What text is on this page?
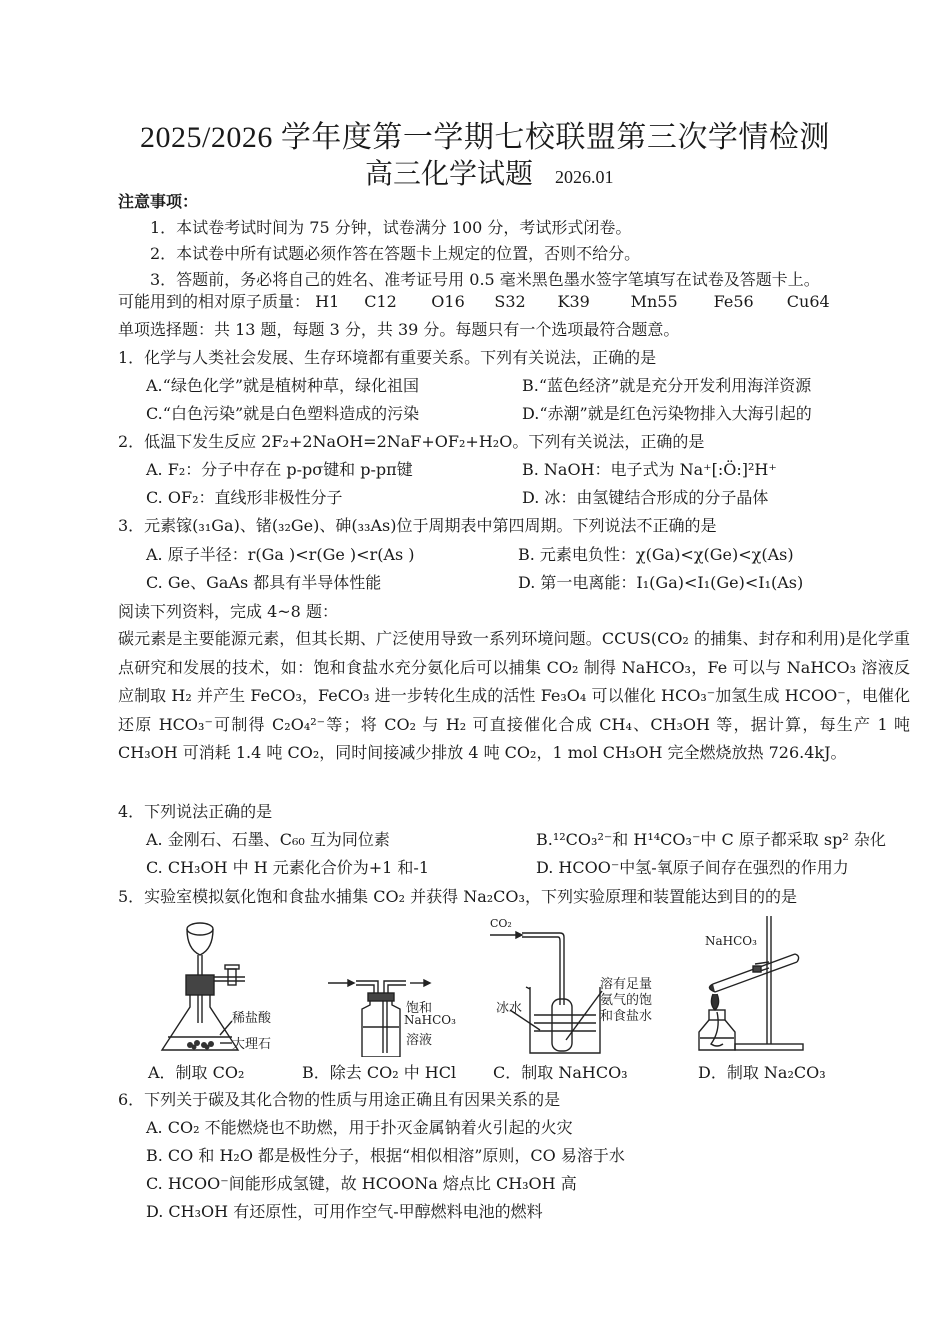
2025/2026 学年度第一学期七校联盟第三次学情检测
高三化学试题 2026.01
注意事项：
1．本试卷考试时间为 75 分钟，试卷满分 100 分，考试形式闭卷。
2．本试卷中所有试题必须作答在答题卡上规定的位置，否则不给分。
3．答题前，务必将自己的姓名、准考证号用 0.5 毫米黑色墨水签字笔填写在试卷及答题卡上。
可能用到的相对原子质量： H1 C12 O16 S32 K39	Mn55 Fe56 Cu64
单项选择题：共 13 题，每题 3 分，共 39 分。每题只有一个选项最符合题意。
1．化学与人类社会发展、生存环境都有重要关系。下列有关说法，正确的是
A.“绿色化学”就是植树种草，绿化祖国	B.“蓝色经济”就是充分开发利用海洋资源
C.“白色污染”就是白色塑料造成的污染	D.“赤潮”就是红色污染物排入大海引起的
2．低温下发生反应 2F₂+2NaOH=2NaF+OF₂+H₂O。下列有关说法，正确的是
A. F₂：分子中存在 p-pσ键和 p-pπ键	B. NaOH：电子式为 Na⁺[:Ö:]²H⁺
C. OF₂：直线形非极性分子	D. 冰：由氢键结合形成的分子晶体
3．元素镓(₃₁Ga)、锗(₃₂Ge)、砷(₃₃As)位于周期表中第四周期。下列说法不正确的是
A. 原子半径：r(Ga )<r(Ge )<r(As )	B. 元素电负性：χ(Ga)<χ(Ge)<χ(As)
C. Ge、GaAs 都具有半导体性能	D. 第一电离能：I₁(Ga)<I₁(Ge)<I₁(As)
阅读下列资料，完成 4~8 题：
碳元素是主要能源元素，但其长期、广泛使用导致一系列环境问题。CCUS(CO₂ 的捕集、封存和利用)是化学重点研究和发展的技术，如：饱和食盐水充分氨化后可以捕集 CO₂ 制得 NaHCO₃，Fe 可以与 NaHCO₃ 溶液反应制取 H₂ 并产生 FeCO₃，FeCO₃ 进一步转化生成的活性 Fe₃O₄ 可以催化 HCO₃⁻加氢生成 HCOO⁻，电催化还原 HCO₃⁻可制得 C₂O₄²⁻等；将 CO₂ 与 H₂ 可直接催化合成 CH₄、CH₃OH 等，据计算，每生产 1 吨 CH₃OH 可消耗 1.4 吨 CO₂，同时间接减少排放 4 吨 CO₂，1 mol CH₃OH 完全燃烧放热 726.4kJ。
4．下列说法正确的是
A. 金刚石、石墨、C₆₀ 互为同位素	B.¹²CO₃²⁻和 H¹⁴CO₃⁻中 C 原子都采取 sp² 杂化
C. CH₃OH 中 H 元素化合价为+1 和-1	D. HCOO⁻中氢-氧原子间存在强烈的作用力
5．实验室模拟氨化饱和食盐水捕集 CO₂ 并获得 Na₂CO₃，下列实验原理和装置能达到目的的是
稀盐酸
大理石
A．制取 CO₂
饱和
NaHCO₃
溶液
B．除去 CO₂ 中 HCl
CO₂
冰水
溶有足量
氨气的饱
和食盐水
C．制取 NaHCO₃
NaHCO₃
D．制取 Na₂CO₃
6．下列关于碳及其化合物的性质与用途正确且有因果关系的是
A. CO₂ 不能燃烧也不助燃，用于扑灭金属钠着火引起的火灾
B. CO 和 H₂O 都是极性分子，根据“相似相溶”原则，CO 易溶于水
C. HCOO⁻间能形成氢键，故 HCOONa 熔点比 CH₃OH 高
D. CH₃OH 有还原性，可用作空气-甲醇燃料电池的燃料
